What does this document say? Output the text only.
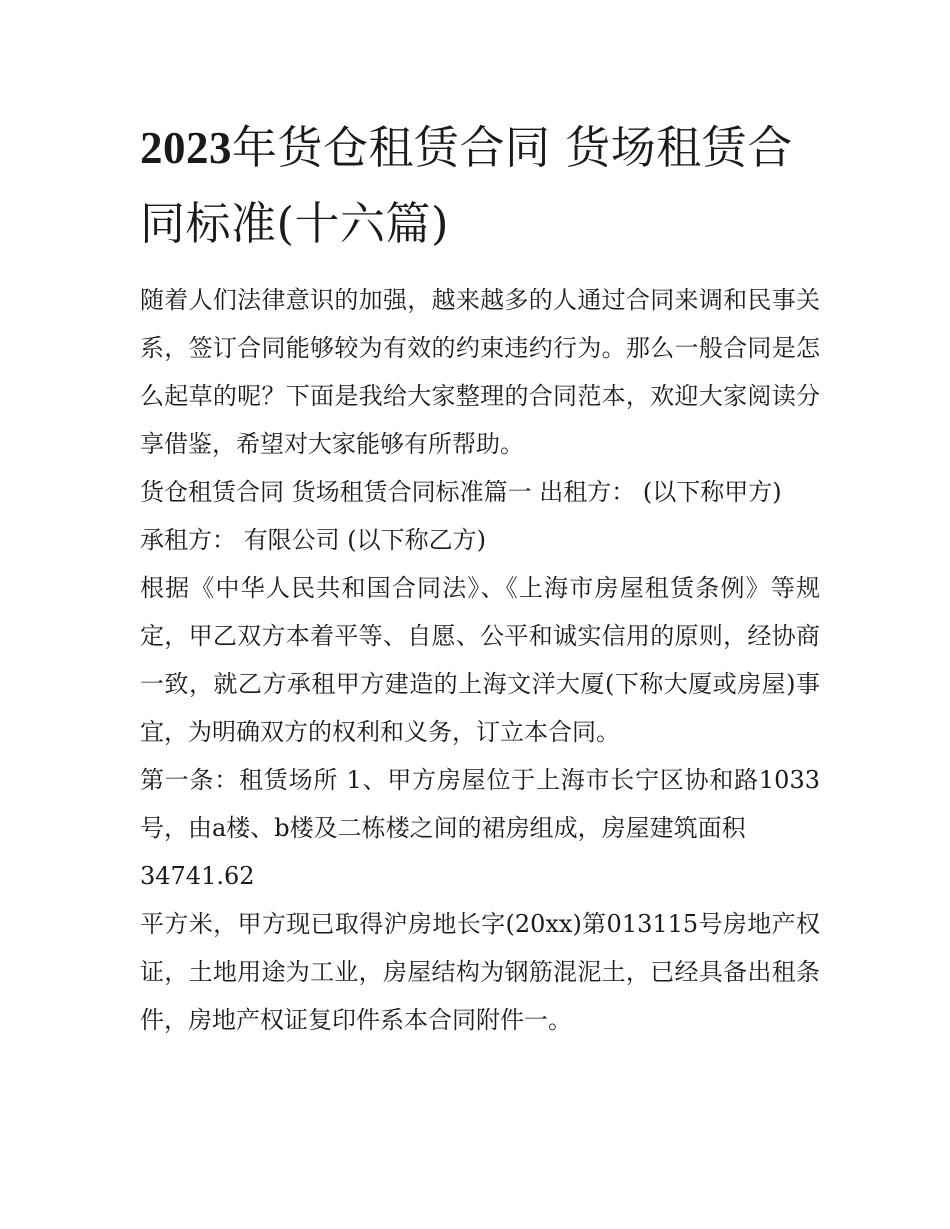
2023年货仓租赁合同 货场租赁合同标准(十六篇)

随着人们法律意识的加强，越来越多的人通过合同来调和民事关系，签订合同能够较为有效的约束违约行为。那么一般合同是怎么起草的呢？下面是我给大家整理的合同范本，欢迎大家阅读分享借鉴，希望对大家能够有所帮助。

货仓租赁合同 货场租赁合同标准篇一 出租方： (以下称甲方)

承租方： 有限公司 (以下称乙方)

根据《中华人民共和国合同法》、《上海市房屋租赁条例》等规定，甲乙双方本着平等、自愿、公平和诚实信用的原则，经协商一致，就乙方承租甲方建造的上海文洋大厦(下称大厦或房屋)事宜，为明确双方的权利和义务，订立本合同。

第一条：租赁场所 1、甲方房屋位于上海市长宁区协和路1033号，由a楼、b楼及二栋楼之间的裙房组成，房屋建筑面积

34741.62

平方米，甲方现已取得沪房地长字(20xx)第013115号房地产权证，土地用途为工业，房屋结构为钢筋混泥土，已经具备出租条件，房地产权证复印件系本合同附件一。
